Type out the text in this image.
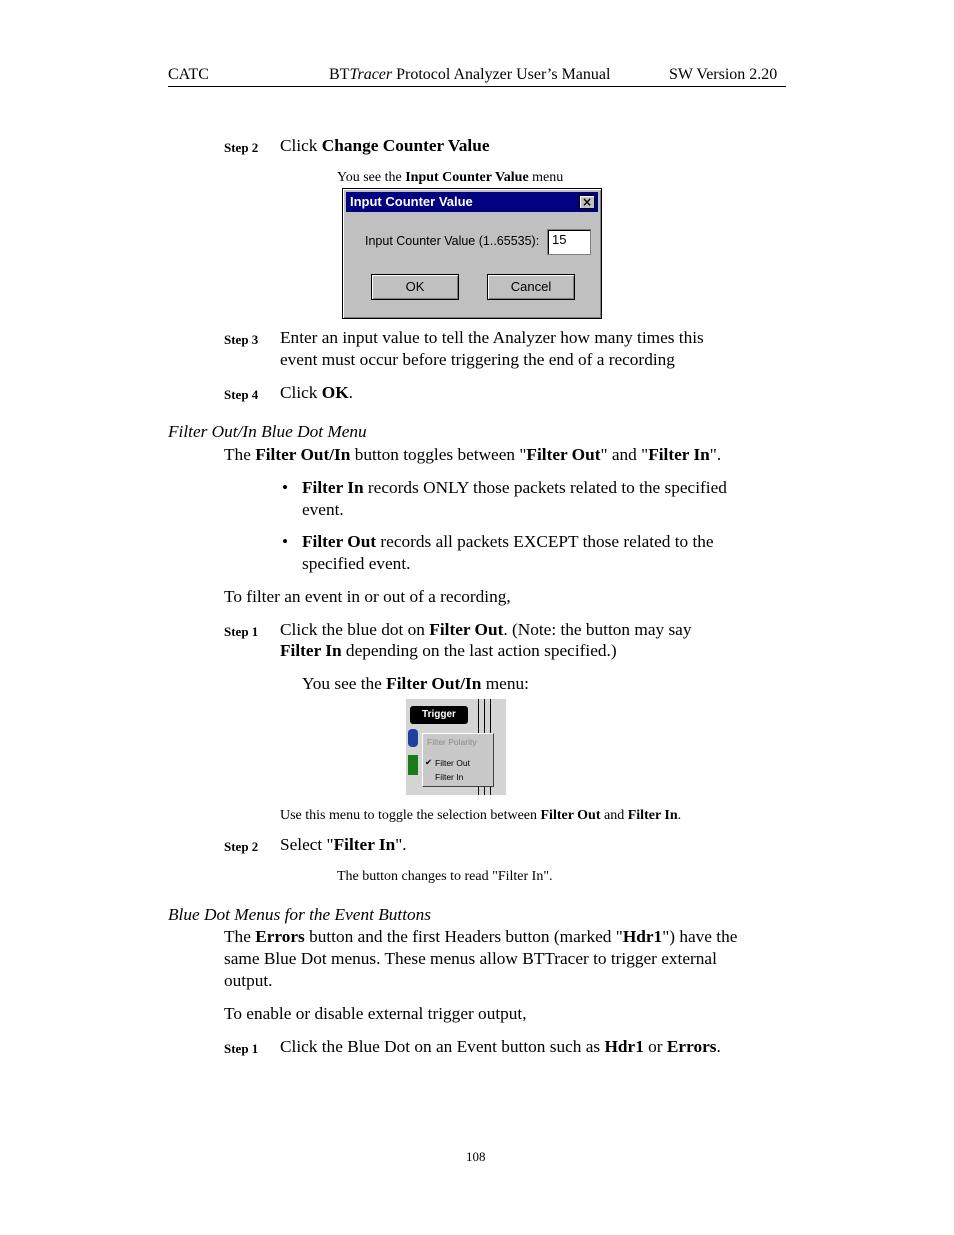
CATC	BTTracer Protocol Analyzer User’s Manual	SW Version 2.20
Step 2 Click Change Counter Value
You see the Input Counter Value menu
Input Counter Value	×
Input Counter Value (1..65535): 15
OK	Cancel
Step 3 Enter an input value to tell the Analyzer how many times this
event must occur before triggering the end of a recording
Step 4 Click OK.
Filter Out/In Blue Dot Menu
The Filter Out/In button toggles between "Filter Out" and "Filter In".
• Filter In records ONLY those packets related to the specified
event.
• Filter Out records all packets EXCEPT those related to the
specified event.
To filter an event in or out of a recording,
Step 1 Click the blue dot on Filter Out. (Note: the button may say
Filter In depending on the last action specified.)
You see the Filter Out/In menu:
Trigger
Filter Polarity
✔ Filter Out
Filter In
Use this menu to toggle the selection between Filter Out and Filter In.
Step 2 Select "Filter In".
The button changes to read "Filter In".
Blue Dot Menus for the Event Buttons
The Errors button and the first Headers button (marked "Hdr1") have the
same Blue Dot menus. These menus allow BTTracer to trigger external
output.
To enable or disable external trigger output,
Step 1 Click the Blue Dot on an Event button such as Hdr1 or Errors.
108
